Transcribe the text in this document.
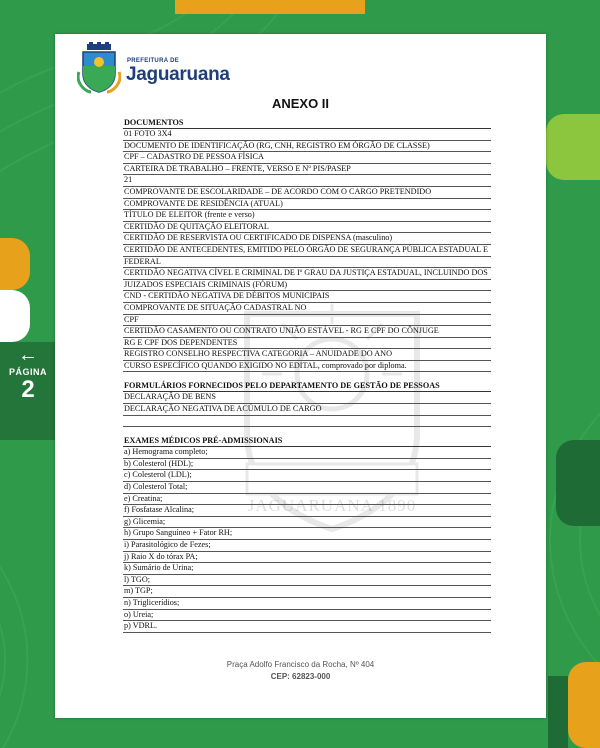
←
PÁGINA
2
PREFEITURA DE
Jaguaruana
JAGUARUANA 1890
ANEXO II
DOCUMENTOS
01 FOTO 3X4
DOCUMENTO DE IDENTIFICAÇÃO (RG, CNH, REGISTRO EM ÓRGÃO DE CLASSE)
CPF – CADASTRO DE PESSOA FÍSICA
CARTEIRA DE TRABALHO – FRENTE, VERSO E Nº PIS/PASEP
21
COMPROVANTE DE ESCOLARIDADE – DE ACORDO COM O CARGO PRETENDIDO
COMPROVANTE DE RESIDÊNCIA (ATUAL)
TÍTULO DE ELEITOR (frente e verso)
CERTIDÃO DE QUITAÇÃO ELEITORAL
CERTIDÃO DE RESERVISTA OU CERTIFICADO DE DISPENSA (masculino)
CERTIDÃO DE ANTECEDENTES, EMITIDO PELO ÓRGÃO DE SEGURANÇA PÚBLICA ESTADUAL E
FEDERAL
CERTIDÃO NEGATIVA CÍVEL E CRIMINAL DE Iº GRAU DA JUSTIÇA ESTADUAL, INCLUINDO DOS
JUIZADOS ESPECIAIS CRIMINAIS (FÓRUM)
CND - CERTIDÃO NEGATIVA DE DÉBITOS MUNICIPAIS
COMPROVANTE DE SITUAÇÃO CADASTRAL NO
CPF
CERTIDÃO CASAMENTO OU CONTRATO UNIÃO ESTÁVEL - RG E CPF DO CÔNJUGE
RG E CPF DOS DEPENDENTES
REGISTRO CONSELHO RESPECTIVA CATEGORIA – ANUIDADE DO ANO
CURSO ESPECÍFICO QUANDO EXIGIDO NO EDITAL, comprovado por diploma.
FORMULÁRIOS FORNECIDOS PELO DEPARTAMENTO DE GESTÃO DE PESSOAS
DECLARAÇÃO DE BENS
DECLARAÇÃO NEGATIVA DE ACÚMULO DE CARGO

EXAMES MÉDICOS PRÉ-ADMISSIONAIS
a) Hemograma completo;
b) Colesterol (HDL);
c) Colesterol (LDL);
d) Colesterol Total;
e) Creatina;
f) Fosfatase Alcalina;
g) Glicemia;
h) Grupo Sanguíneo + Fator RH;
i) Parasitológico de Fezes;
j) Raio X do tórax PA;
k) Sumário de Urina;
l) TGO;
m) TGP;
n) Triglicerídios;
o) Ureia;
p) VDRL.
Praça Adolfo Francisco da Rocha, Nº 404
CEP: 62823-000
